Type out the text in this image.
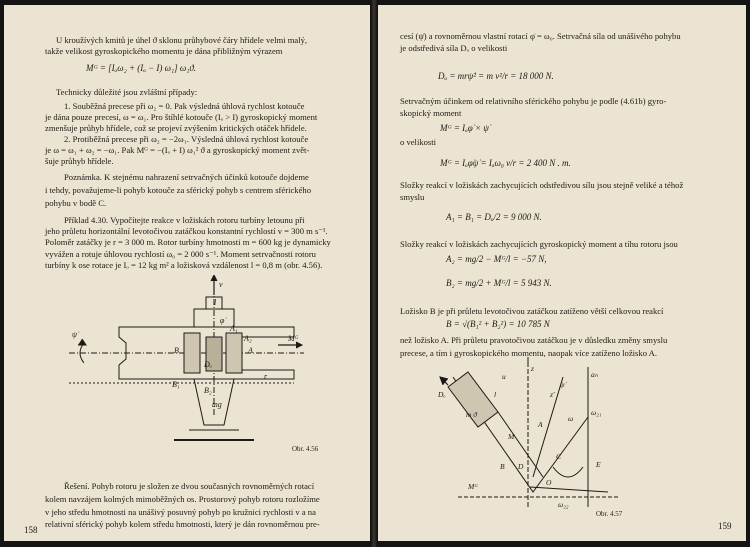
U kroužívých kmitů je úhel ϑ sklonu průhybové čáry hřídele velmi malý,
takže velikost gyroskopického momentu je dána přibližným výrazem
Technicky důležité jsou zvláštní případy:
1. Souběžná precese při ω₂ = 0. Pak výsledná úhlová rychlost kotouče
je dána pouze precesí, ω = ω₁. Pro štíhlé kotouče (Iₒ > I) gyroskopický moment
zmenšuje průhyb hřídele, což se projeví zvýšením kritických otáček hřídele.
2. Protiběžná precese při ω₂ = −2ω₁. Výsledná úhlová rychlost kotouče
je ω = ω₁ + ω₂ = −ω₁. Pak Mᴳ = −(Iₒ + I) ω₁² ϑ a gyroskopický moment zvět-
šuje průhyb hřídele.
Poznámka. K stejnému nahrazení setrvačných účinků kotouče dojdeme
i tehdy, považujeme-li pohyb kotouče za sférický pohyb s centrem sférického
pohybu v bodě C.
Příklad 4.30. Vypočítejte reakce v ložiskách rotoru turbíny letounu při
jeho průletu horizontální levotočivou zatáčkou konstantní rychlostí v = 300 m s⁻¹.
Poloměr zatáčky je r = 3 000 m. Rotor turbíny hmotnosti m = 600 kg je dynamicky
vyvážen a rotuje úhlovou rychlostí ω₀ = 2 000 s⁻¹. Moment setrvačnosti rotoru
turbíny k ose rotace je Iₒ = 12 kg m² a ložisková vzdálenost l = 0,8 m (obr. 4.56).
Řešení. Pohyb rotoru je složen ze dvou současných rovnoměrných rotací
kolem navzájem kolmých mimoběžných os. Prostorový pohyb rotoru rozložíme
v jeho středu hmotnosti na unášivý posuvný pohyb po kružnici rychlosti v a na
relativní sférický pohyb kolem středu hmotnosti, který je dán rovnoměrnou pre-
Mᴳ = [Iₒω₂ + (Iₒ − I) ω₁] ω₁ϑ.
v
Mᴳ
A₁
A₂
B₁
B₂
ψ̇
l
r
A
B
φ̇
Dₒ
mg
Obr. 4.56
158
cesí (ψ̇) a rovnoměrnou vlastní rotací φ̇ = ω₀. Setrvačná síla od unášivého pohybu
je odstředivá síla Dₒ o velikosti
Setrvačným účinkem od relativního sférického pohybu je podle (4.61b) gyro-
skopický moment
o velikosti
Složky reakcí v ložiskách zachycujících odstředivou sílu jsou stejně veliké a téhož
smyslu
Složky reakcí v ložiskách zachycujících gyroskopický moment a tíhu rotoru jsou
Ložisko B je při průletu levotočivou zatáčkou zatíženo větší celkovou reakcí
než ložisko A. Při průletu pravotočivou zatáčkou je v důsledku změny smyslu
precese, a tím i gyroskopického momentu, naopak více zatíženo ložisko A.
Dₒ = mrψ̇² = m v²/r = 18 000 N.
Mᴳ = Iₒφ̇ × ψ̇
Mᴳ = Iₒφ̇ψ̇ = Iₒω₀ v/r = 2 400 N . m.
A₁ = B₁ = Dₒ/2 = 9 000 N.
A₂ = mg/2 − Mᴳ/l = −57 N,
B₂ = mg/2 + Mᴳ/l = 5 943 N.
B = √(B₁² + B₂²) = 10 785 N
z
z'
aₕ
Dₒ
m ϑ
l
ψ̇
M
Mᴳ
A
B
O
D
ω
u
E
C
ω₂₁
ω₂₂
Obr. 4.57
159
